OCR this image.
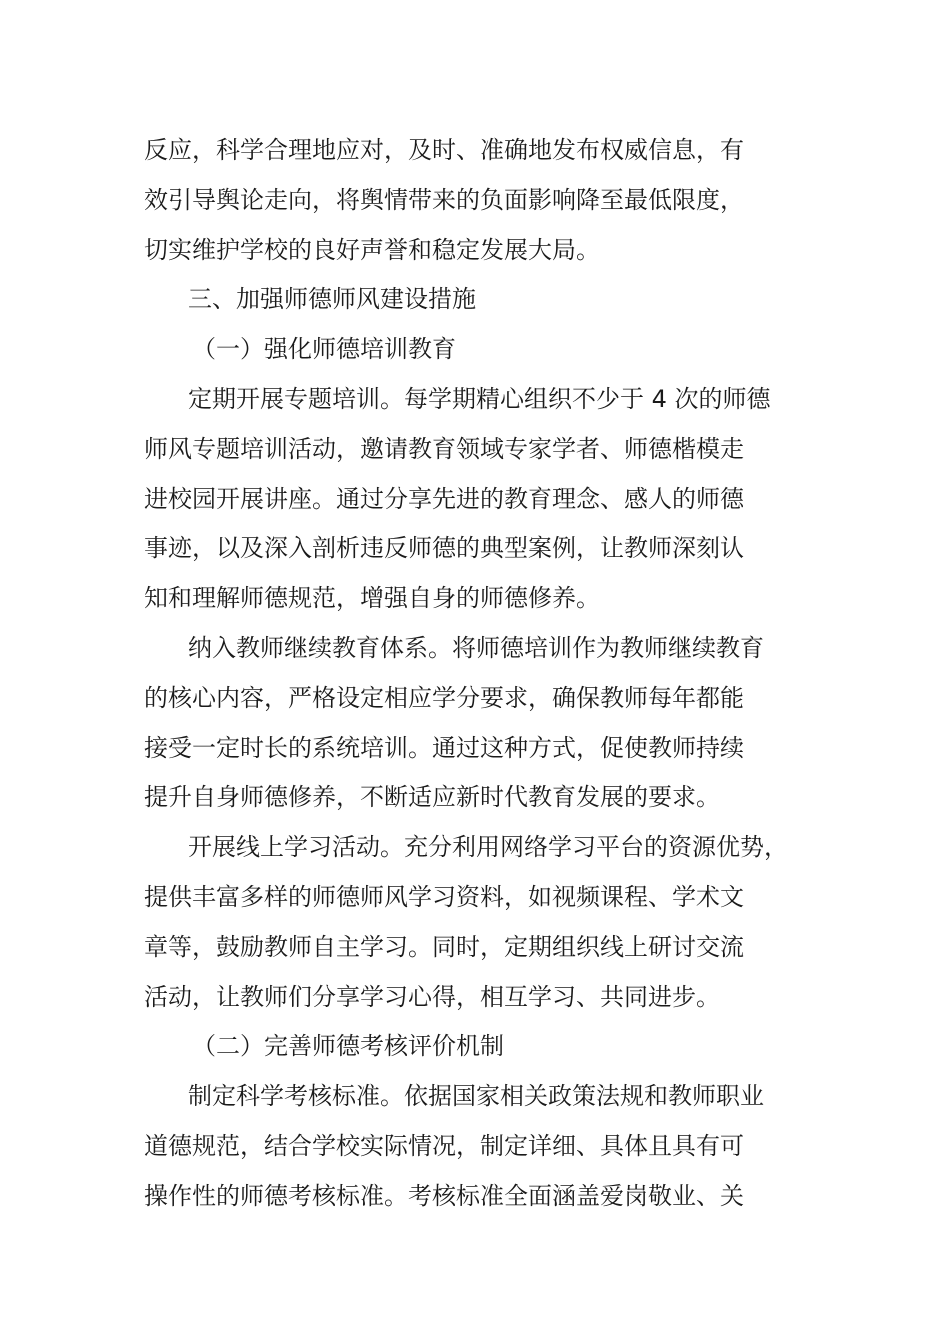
反应，科学合理地应对，及时、准确地发布权威信息，有
效引导舆论走向，将舆情带来的负面影响降至最低限度，
切实维护学校的良好声誉和稳定发展大局。
三、加强师德师风建设措施
（一）强化师德培训教育
定期开展专题培训。每学期精心组织不少于 4 次的师德
师风专题培训活动，邀请教育领域专家学者、师德楷模走
进校园开展讲座。通过分享先进的教育理念、感人的师德
事迹，以及深入剖析违反师德的典型案例，让教师深刻认
知和理解师德规范，增强自身的师德修养。
纳入教师继续教育体系。将师德培训作为教师继续教育
的核心内容，严格设定相应学分要求，确保教师每年都能
接受一定时长的系统培训。通过这种方式，促使教师持续
提升自身师德修养，不断适应新时代教育发展的要求。
开展线上学习活动。充分利用网络学习平台的资源优势，
提供丰富多样的师德师风学习资料，如视频课程、学术文
章等，鼓励教师自主学习。同时，定期组织线上研讨交流
活动，让教师们分享学习心得，相互学习、共同进步。
（二）完善师德考核评价机制
制定科学考核标准。依据国家相关政策法规和教师职业
道德规范，结合学校实际情况，制定详细、具体且具有可
操作性的师德考核标准。考核标准全面涵盖爱岗敬业、关
